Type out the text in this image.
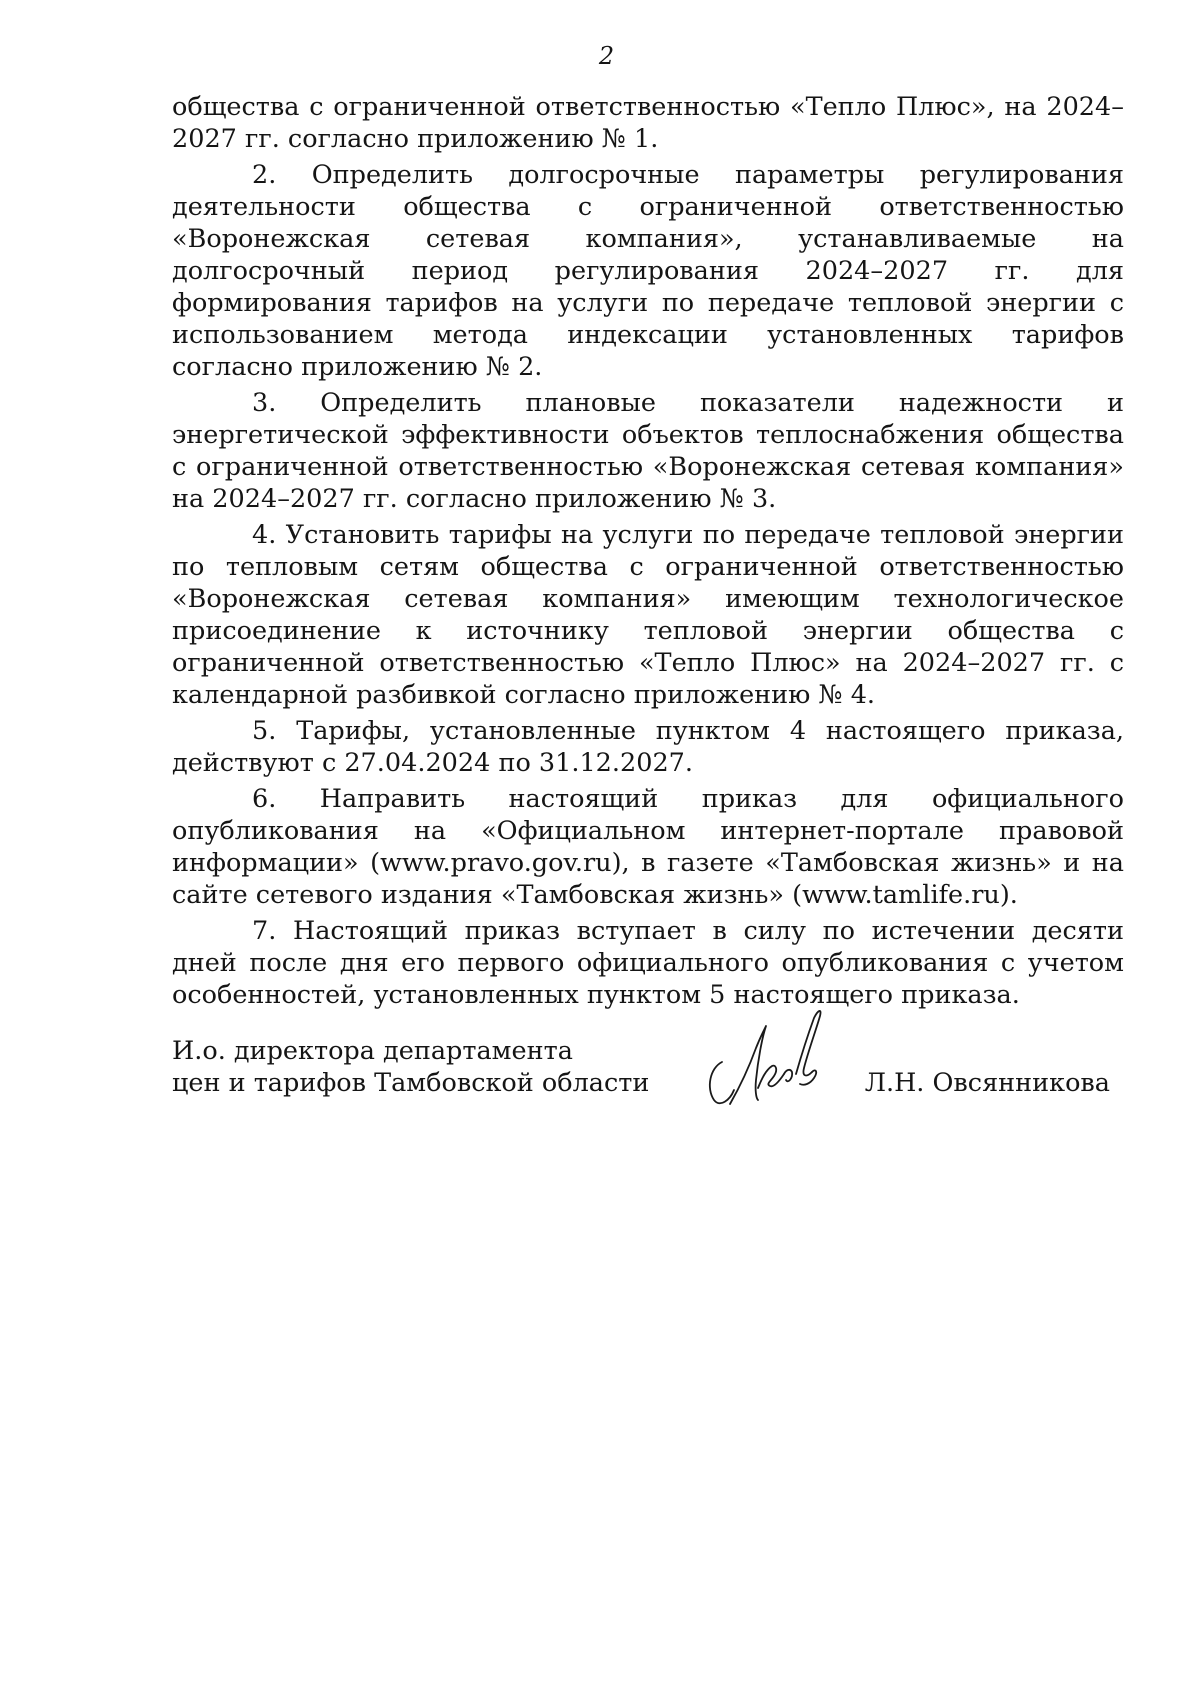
2

общества с ограниченной ответственностью «Тепло Плюс», на 2024–2027 гг. согласно приложению № 1.

2. Определить долгосрочные параметры регулирования деятельности общества с ограниченной ответственностью «Воронежская сетевая компания», устанавливаемые на долгосрочный период регулирования 2024–2027 гг. для формирования тарифов на услуги по передаче тепловой энергии с использованием метода индексации установленных тарифов согласно приложению № 2.

3. Определить плановые показатели надежности и энергетической эффективности объектов теплоснабжения общества с ограниченной ответственностью «Воронежская сетевая компания» на 2024–2027 гг. согласно приложению № 3.

4. Установить тарифы на услуги по передаче тепловой энергии по тепловым сетям общества с ограниченной ответственностью «Воронежская сетевая компания» имеющим технологическое присоединение к источнику тепловой энергии общества с ограниченной ответственностью «Тепло Плюс» на 2024–2027 гг. с календарной разбивкой согласно приложению № 4.

5. Тарифы, установленные пунктом 4 настоящего приказа, действуют с 27.04.2024 по 31.12.2027.

6. Направить настоящий приказ для официального опубликования на «Официальном интернет-портале правовой информации» (www.pravo.gov.ru), в газете «Тамбовская жизнь» и на сайте сетевого издания «Тамбовская жизнь» (www.tamlife.ru).

7. Настоящий приказ вступает в силу по истечении десяти дней после дня его первого официального опубликования с учетом особенностей, установленных пунктом 5 настоящего приказа.

И.о. директора департамента
цен и тарифов Тамбовской области	Л.Н. Овсянникова
